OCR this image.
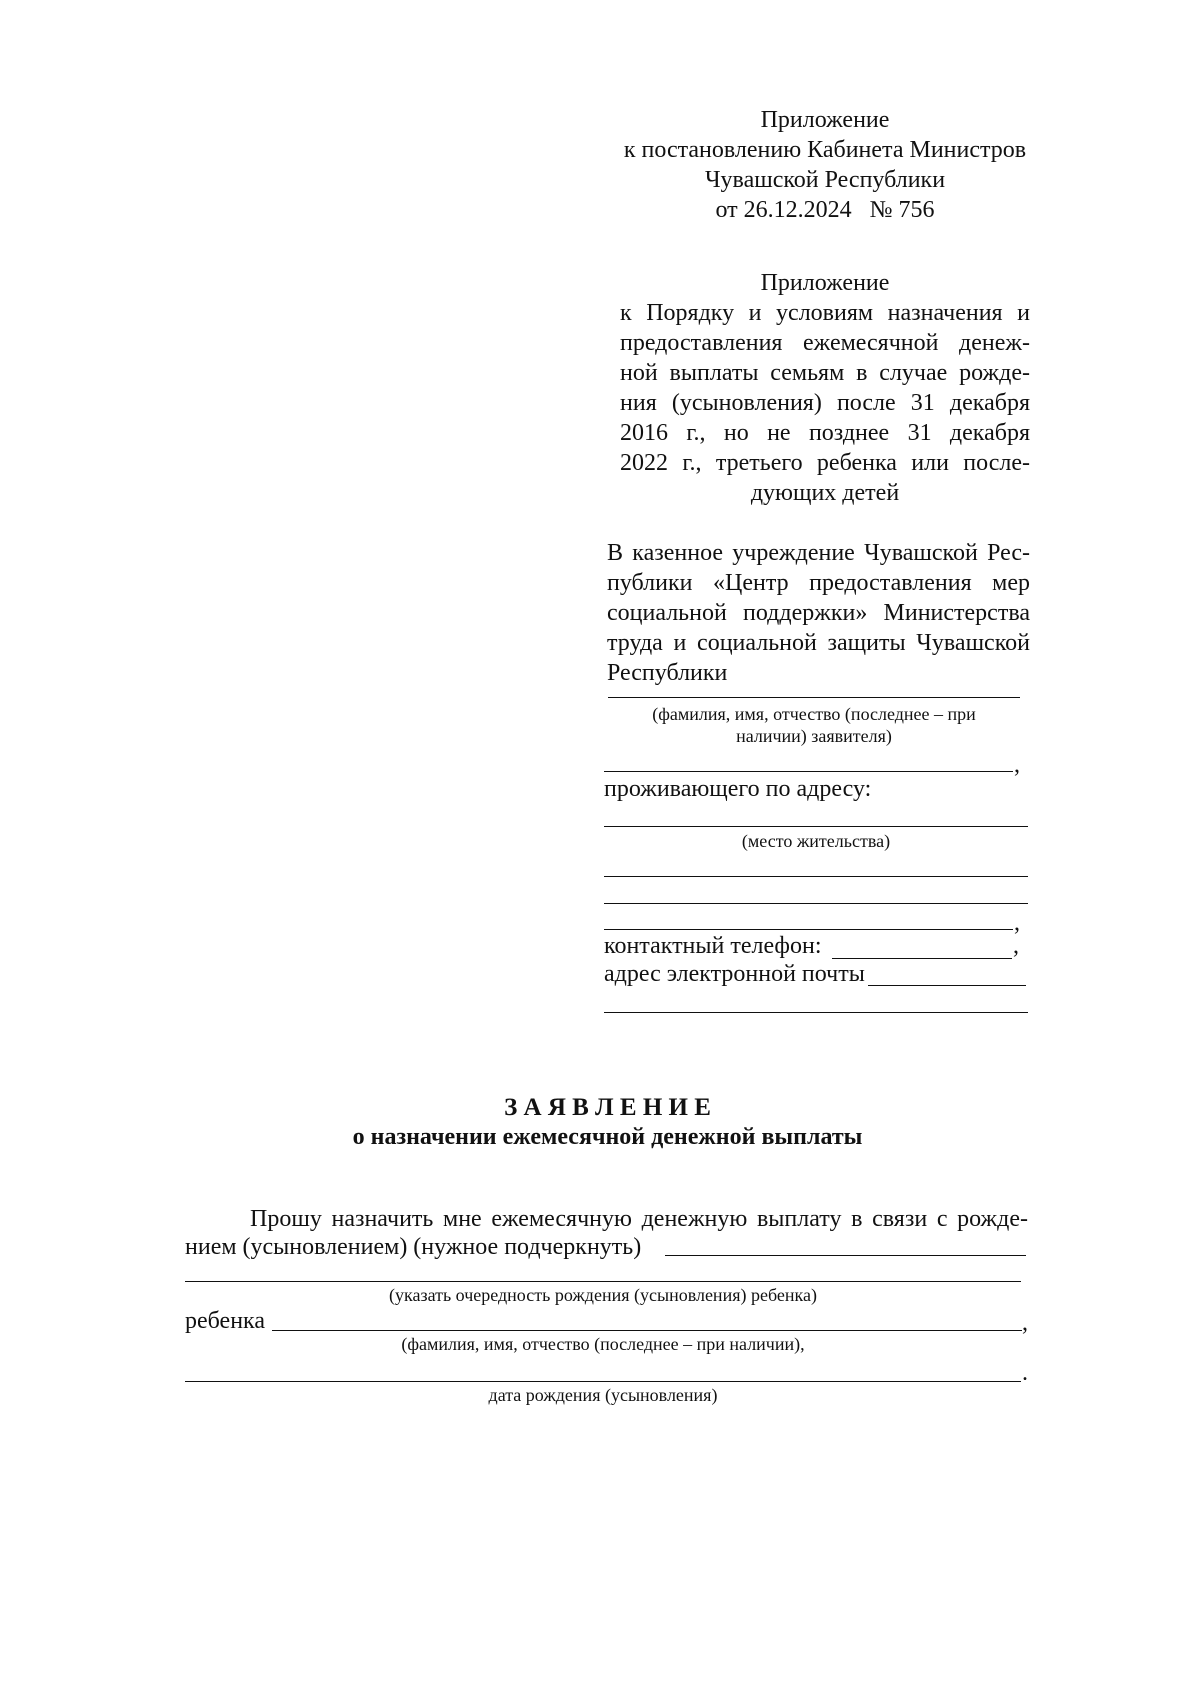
Приложение
к постановлению Кабинета Министров
Чувашской Республики
от 26.12.2024 № 756
Приложение
к Порядку и условиям назначения и
предоставления ежемесячной денеж-
ной выплаты семьям в случае рожде-
ния (усыновления) после 31 декабря
2016 г., но не позднее 31 декабря
2022 г., третьего ребенка или после-
дующих детей
В казенное учреждение Чувашской Рес-
публики «Центр предоставления мер
социальной поддержки» Министерства
труда и социальной защиты Чувашской
Республики
(фамилия, имя, отчество (последнее – при
наличии) заявителя)
,
проживающего по адресу:
(место жительства)
,
контактный телефон:	,
адрес электронной почты
З А Я В Л Е Н И Е
о назначении ежемесячной денежной выплаты
Прошу назначить мне ежемесячную денежную выплату в связи с рожде-
нием (усыновлением) (нужное подчеркнуть)
(указать очередность рождения (усыновления) ребенка)
ребенка	,
(фамилия, имя, отчество (последнее – при наличии),
.
дата рождения (усыновления)
